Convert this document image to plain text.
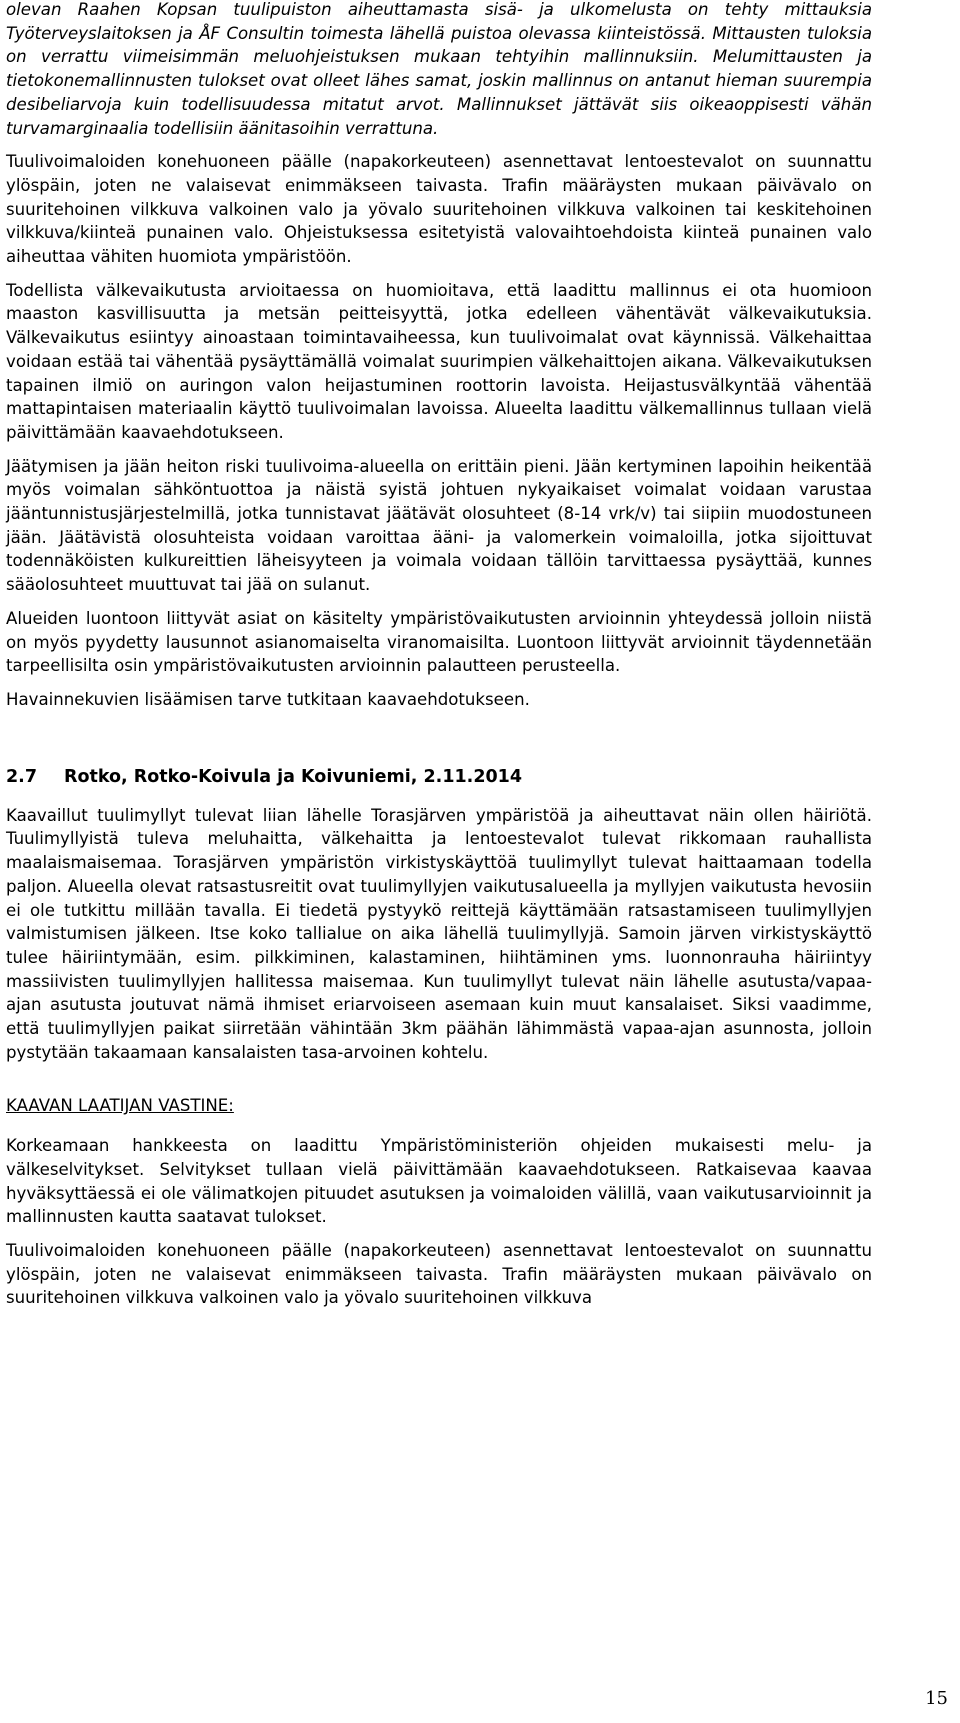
olevan Raahen Kopsan tuulipuiston aiheuttamasta sisä- ja ulkomelusta on tehty mittauksia Työterveyslaitoksen ja ÅF Consultin toimesta lähellä puistoa olevassa kiinteistössä. Mittausten tuloksia on verrattu viimeisimmän meluohjeistuksen mukaan tehtyihin mallinnuksiin. Melumittausten ja tietokonemallinnusten tulokset ovat olleet lähes samat, joskin mallinnus on antanut hieman suurempia desibeliarvoja kuin todellisuudessa mitatut arvot. Mallinnukset jättävät siis oikeaoppisesti vähän turvamarginaalia todellisiin äänitasoihin verrattuna.

Tuulivoimaloiden konehuoneen päälle (napakorkeuteen) asennettavat lentoestevalot on suunnattu ylöspäin, joten ne valaisevat enimmäkseen taivasta. Trafin määräysten mukaan päivävalo on suuritehoinen vilkkuva valkoinen valo ja yövalo suuritehoinen vilkkuva valkoinen tai keskitehoinen vilkkuva/kiinteä punainen valo. Ohjeistuksessa esitetyistä valovaihtoehdoista kiinteä punainen valo aiheuttaa vähiten huomiota ympäristöön.

Todellista välkevaikutusta arvioitaessa on huomioitava, että laadittu mallinnus ei ota huomioon maaston kasvillisuutta ja metsän peitteisyyttä, jotka edelleen vähentävät välkevaikutuksia. Välkevaikutus esiintyy ainoastaan toimintavaiheessa, kun tuulivoimalat ovat käynnissä. Välkehaittaa voidaan estää tai vähentää pysäyttämällä voimalat suurimpien välkehaittojen aikana. Välkevaikutuksen tapainen ilmiö on auringon valon heijastuminen roottorin lavoista. Heijastusvälkyntää vähentää mattapintaisen materiaalin käyttö tuulivoimalan lavoissa. Alueelta laadittu välkemallinnus tullaan vielä päivittämään kaavaehdotukseen.

Jäätymisen ja jään heiton riski tuulivoima-alueella on erittäin pieni. Jään kertyminen lapoihin heikentää myös voimalan sähköntuottoa ja näistä syistä johtuen nykyaikaiset voimalat voidaan varustaa jääntunnistusjärjestelmillä, jotka tunnistavat jäätävät olosuhteet (8-14 vrk/v) tai siipiin muodostuneen jään. Jäätävistä olosuhteista voidaan varoittaa ääni- ja valomerkein voimaloilla, jotka sijoittuvat todennäköisten kulkureittien läheisyyteen ja voimala voidaan tällöin tarvittaessa pysäyttää, kunnes sääolosuhteet muuttuvat tai jää on sulanut.

Alueiden luontoon liittyvät asiat on käsitelty ympäristövaikutusten arvioinnin yhteydessä jolloin niistä on myös pyydetty lausunnot asianomaiselta viranomaisilta. Luontoon liittyvät arvioinnit täydennetään tarpeellisilta osin ympäristövaikutusten arvioinnin palautteen perusteella.

Havainnekuvien lisäämisen tarve tutkitaan kaavaehdotukseen.

2.7 Rotko, Rotko-Koivula ja Koivuniemi, 2.11.2014

Kaavaillut tuulimyllyt tulevat liian lähelle Torasjärven ympäristöä ja aiheuttavat näin ollen häiriötä. Tuulimyllyistä tuleva meluhaitta, välkehaitta ja lentoestevalot tulevat rikkomaan rauhallista maalaismaisemaa. Torasjärven ympäristön virkistyskäyttöä tuulimyllyt tulevat haittaamaan todella paljon. Alueella olevat ratsastusreitit ovat tuulimyllyjen vaikutusalueella ja myllyjen vaikutusta hevosiin ei ole tutkittu millään tavalla. Ei tiedetä pystyykö reittejä käyttämään ratsastamiseen tuulimyllyjen valmistumisen jälkeen. Itse koko tallialue on aika lähellä tuulimyllyjä. Samoin järven virkistyskäyttö tulee häiriintymään, esim. pilkkiminen, kalastaminen, hiihtäminen yms. luonnonrauha häiriintyy massiivisten tuulimyllyjen hallitessa maisemaa. Kun tuulimyllyt tulevat näin lähelle asutusta/vapaa-ajan asutusta joutuvat nämä ihmiset eriarvoiseen asemaan kuin muut kansalaiset. Siksi vaadimme, että tuulimyllyjen paikat siirretään vähintään 3km päähän lähimmästä vapaa-ajan asunnosta, jolloin pystytään takaamaan kansalaisten tasa-arvoinen kohtelu.

KAAVAN LAATIJAN VASTINE:

Korkeamaan hankkeesta on laadittu Ympäristöministeriön ohjeiden mukaisesti melu- ja välkeselvitykset. Selvitykset tullaan vielä päivittämään kaavaehdotukseen. Ratkaisevaa kaavaa hyväksyttäessä ei ole välimatkojen pituudet asutuksen ja voimaloiden välillä, vaan vaikutusarvioinnit ja mallinnusten kautta saatavat tulokset.

Tuulivoimaloiden konehuoneen päälle (napakorkeuteen) asennettavat lentoestevalot on suunnattu ylöspäin, joten ne valaisevat enimmäkseen taivasta. Trafin määräysten mukaan päivävalo on suuritehoinen vilkkuva valkoinen valo ja yövalo suuritehoinen vilkkuva

15
